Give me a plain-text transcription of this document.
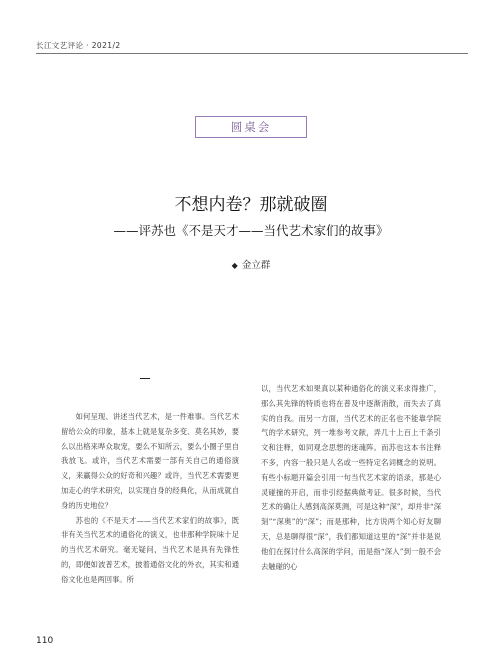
长江文艺评论 · 2021/2
圆桌会
不想内卷？那就破圈
——评苏也《不是天才——当代艺术家们的故事》
◆ 金立群

如何呈现、讲述当代艺术，是一件难事。当代艺术留给公众的印象，基本上就是复杂多变、莫名其妙，要么以出格来哗众取宠，要么不知所云，要么小圈子里自我放飞。或许，当代艺术需要一部有关自己的通俗演义，来赢得公众的好奇和兴趣？或许，当代艺术需要更加走心的学术研究，以实现自身的经典化，从而成就自身的历史地位？

苏也的《不是天才——当代艺术家们的故事》，既非有关当代艺术的通俗化的演义，也非那种学院味十足的当代艺术研究。毫无疑问，当代艺术是具有先锋性的，即便如波普艺术，披着通俗文化的外衣，其实和通俗文化也是两回事。所

以，当代艺术如果真以某种通俗化的演义来求得推广，那么其先锋的特质也将在普及中逐渐消散，而失去了真实的自我。而另一方面，当代艺术的正名也不能靠学院气的学术研究，列一堆参考文献，弄几十上百上千条引文和注释，如同观念思想的迷魂阵。而苏也这本书注释不多，内容一般只是人名或一些特定名词概念的说明。有些小标题开篇会引用一句当代艺术家的语录，那是心灵碰撞的开启，而非引经据典做考证。很多时候，当代艺术的确让人感到高深莫测，可是这种“深”，却并非“深刻”“深奥”的“深”；而是那种，比方说两个知心好友聊天，总是聊得很“深”，我们都知道这里的“深”并非是说他们在探讨什么高深的学问，而是指“深入”到一般不会去触碰的心

110
